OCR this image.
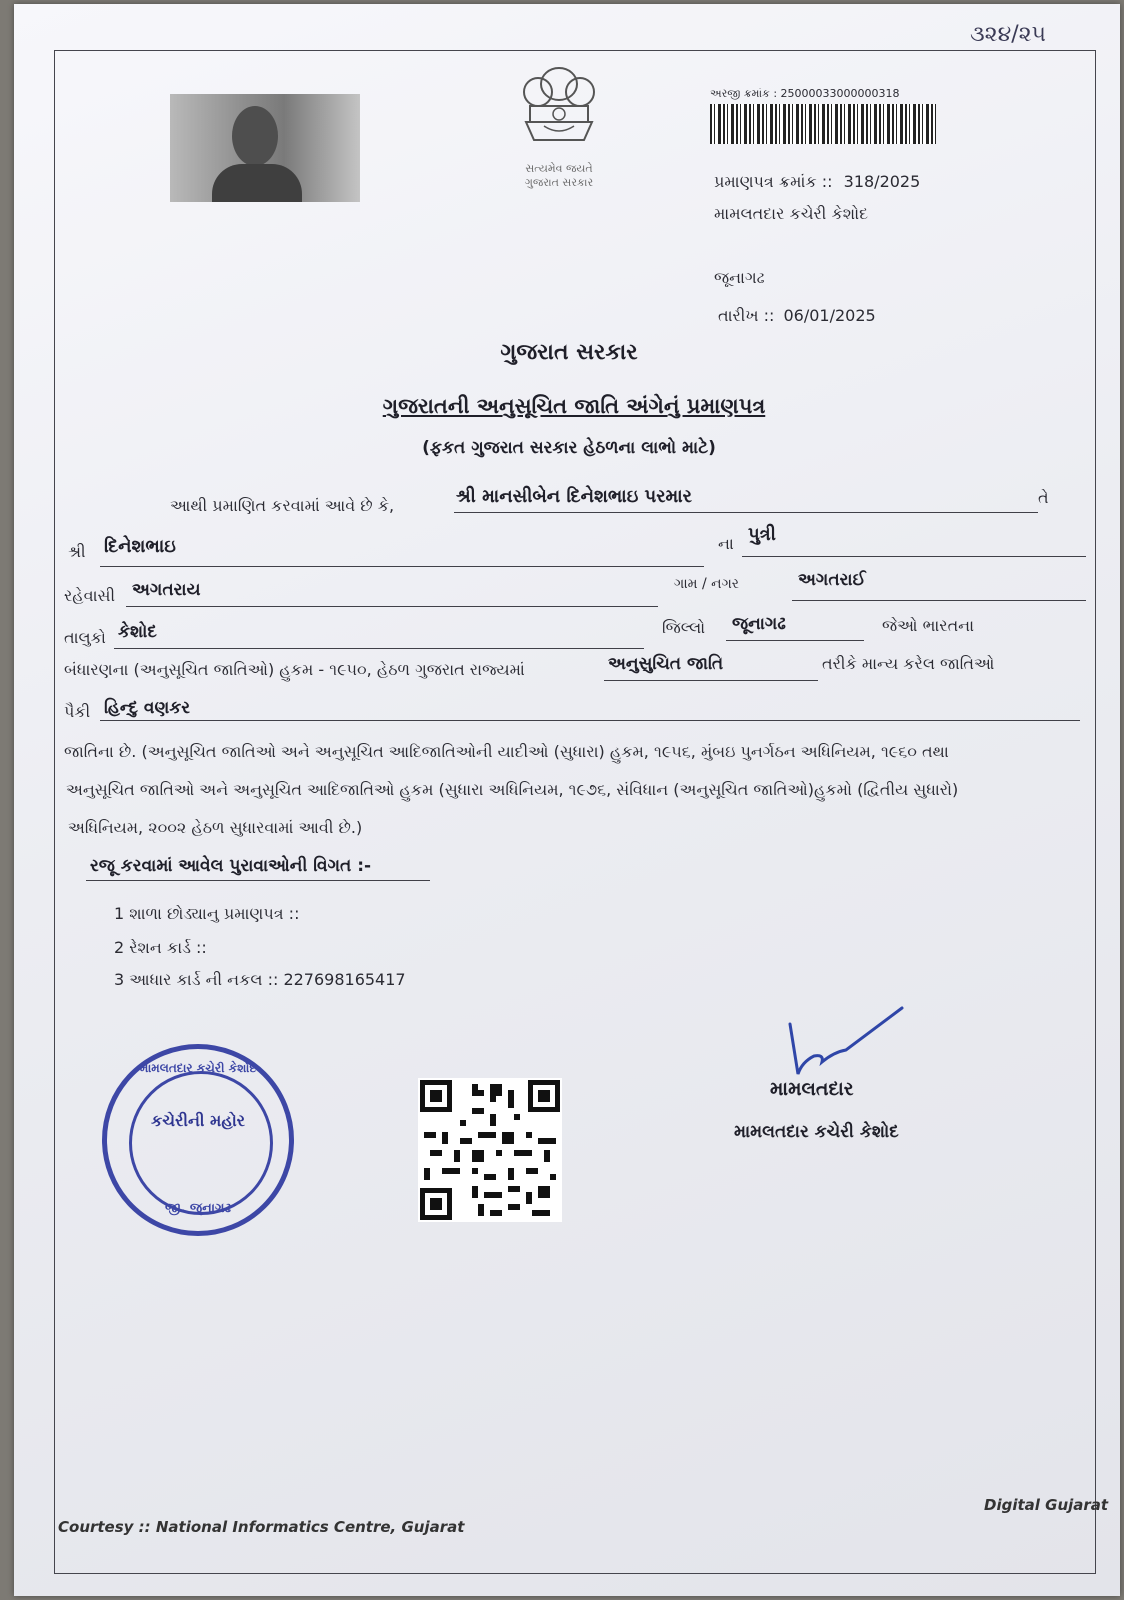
૩૨૪/૨૫
સત્યમેવ જયતે
ગુજરાત સરકાર
અરજી ક્રમાંક : 25000033000000318
પ્રમાણપત્ર ક્રમાંક :: 318/2025
મામલતદાર કચેરી કેશોદ
જૂનાગઢ
તારીખ :: 06/01/2025
ગુજરાત સરકાર
ગુજરાતની અનુસૂચિત જાતિ અંગેનું પ્રમાણપત્ર
(ફકત ગુજરાત સરકાર હેઠળના લાભો માટે)
આથી પ્રમાણિત કરવામાં આવે છે કે,	શ્રી માનસીબેન દિનેશભાઇ પરમાર	તે
શ્રી દિનેશભાઇ	ના પુત્રી
રહેવાસી અગતરાય	ગામ / નગર	અગતરાઈ
તાલુકો કેશોદ	જિલ્લો જૂનાગઢ	જેઓ ભારતના
બંધારણના (અનુસૂચિત જાતિઓ) હુકમ - ૧૯૫૦, હેઠળ ગુજરાત રાજ્યમાં	અનુસુચિત જાતિ	તરીકે માન્ય કરેલ જાતિઓ
પૈકી હિન્દુ વણકર
જાતિના છે. (અનુસૂચિત જાતિઓ અને અનુસૂચિત આદિજાતિઓની યાદીઓ (સુધારા) હુકમ, ૧૯૫૬, મુંબઇ પુનર્ગઠન અધિનિયમ, ૧૯૬૦ તથા
અનુસૂચિત જાતિઓ અને અનુસૂચિત આદિજાતિઓ હુકમ (સુધારા અધિનિયમ, ૧૯૭૬, સંવિધાન (અનુસૂચિત જાતિઓ)હુકમો (દ્વિતીય સુધારો)
અધિનિયમ, ૨૦૦૨ હેઠળ સુધારવામાં આવી છે.)
રજૂ કરવામાં આવેલ પુરાવાઓની વિગત :-
1 શાળા છોડ્યાનુ પ્રમાણપત્ર ::
2 રેશન કાર્ડ ::
3 આધાર કાર્ડ ની નકલ :: 227698165417
મામલતદાર
મામલતદાર કચેરી કેશોદ
મામલતદાર કચેરી કેશોદ
કચેરીની મહોર
જી. જુનાગઢ
Courtesy :: National Informatics Centre, Gujarat
Digital Gujarat
